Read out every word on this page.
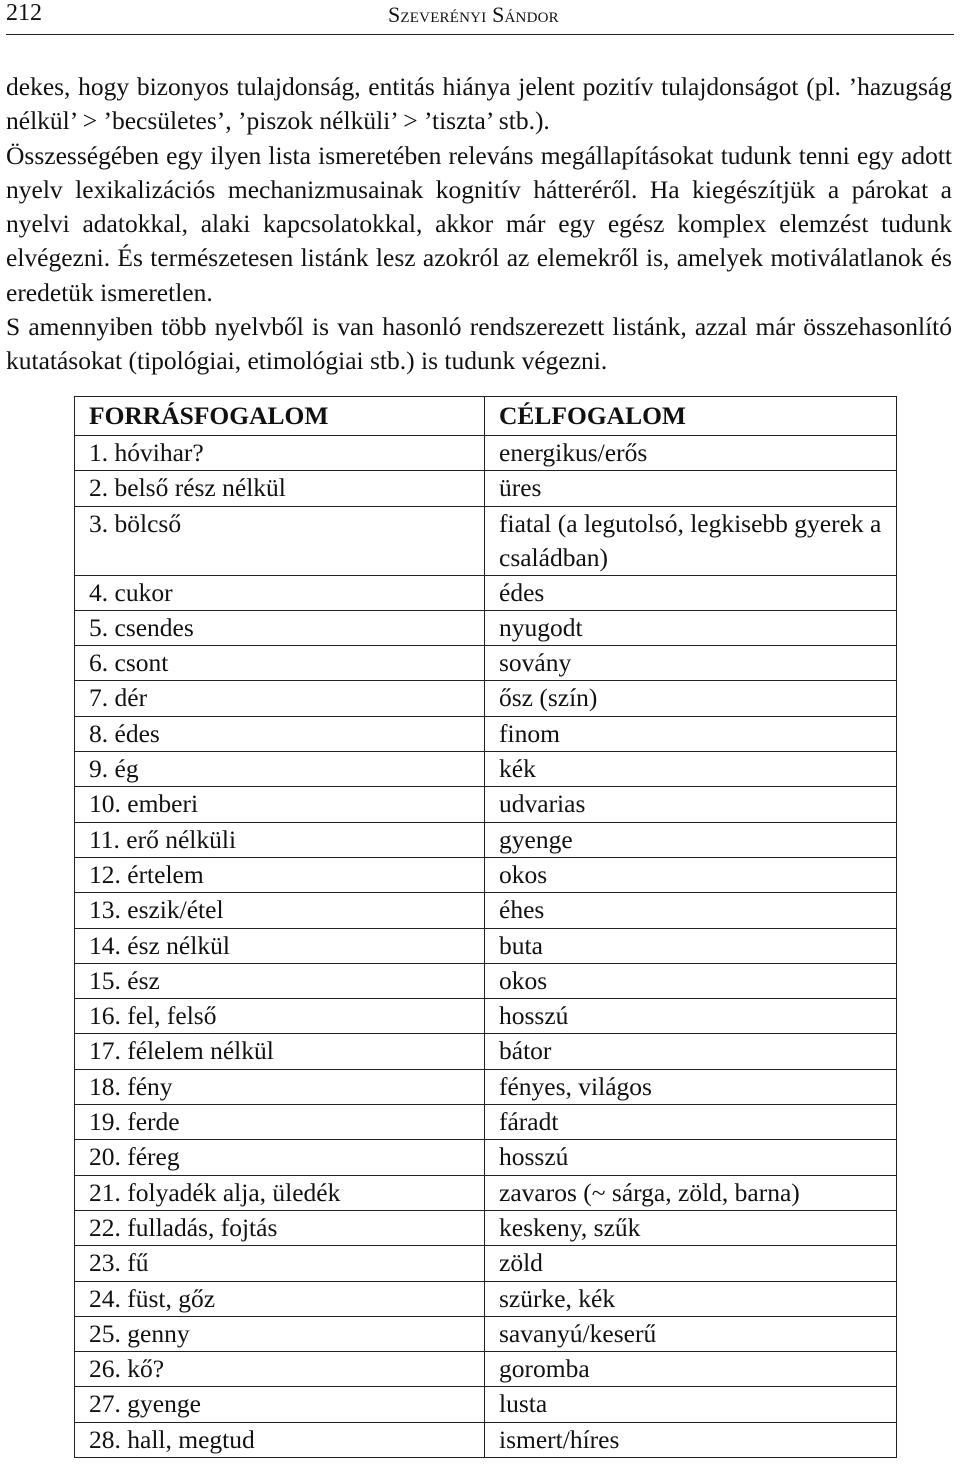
212	Szeverényi Sándor

dekes, hogy bizonyos tulajdonság, entitás hiánya jelent pozitív tulajdonságot (pl. ’hazugság nélkül’ > ’becsületes’, ’piszok nélküli’ > ’tiszta’ stb.).

Összességében egy ilyen lista ismeretében releváns megállapításokat tudunk tenni egy adott nyelv lexikalizációs mechanizmusainak kognitív hátteréről. Ha kiegészítjük a párokat a nyelvi adatokkal, alaki kapcsolatokkal, akkor már egy egész komplex elemzést tudunk elvégezni. És természetesen listánk lesz azokról az elemekről is, amelyek motiválatlanok és eredetük ismeretlen.

S amennyiben több nyelvből is van hasonló rendszerezett listánk, azzal már összehasonlító kutatásokat (tipológiai, etimológiai stb.) is tudunk végezni.

FORRÁSFOGALOM	CÉLFOGALOM
1. hóvihar?	energikus/erős
2. belső rész nélkül	üres
3. bölcső	fiatal (a legutolsó, legkisebb gyerek a családban)
4. cukor	édes
5. csendes	nyugodt
6. csont	sovány
7. dér	ősz (szín)
8. édes	finom
9. ég	kék
10. emberi	udvarias
11. erő nélküli	gyenge
12. értelem	okos
13. eszik/étel	éhes
14. ész nélkül	buta
15. ész	okos
16. fel, felső	hosszú
17. félelem nélkül	bátor
18. fény	fényes, világos
19. ferde	fáradt
20. féreg	hosszú
21. folyadék alja, üledék	zavaros (~ sárga, zöld, barna)
22. fulladás, fojtás	keskeny, szűk
23. fű	zöld
24. füst, gőz	szürke, kék
25. genny	savanyú/keserű
26. kő?	goromba
27. gyenge	lusta
28. hall, megtud	ismert/híres
